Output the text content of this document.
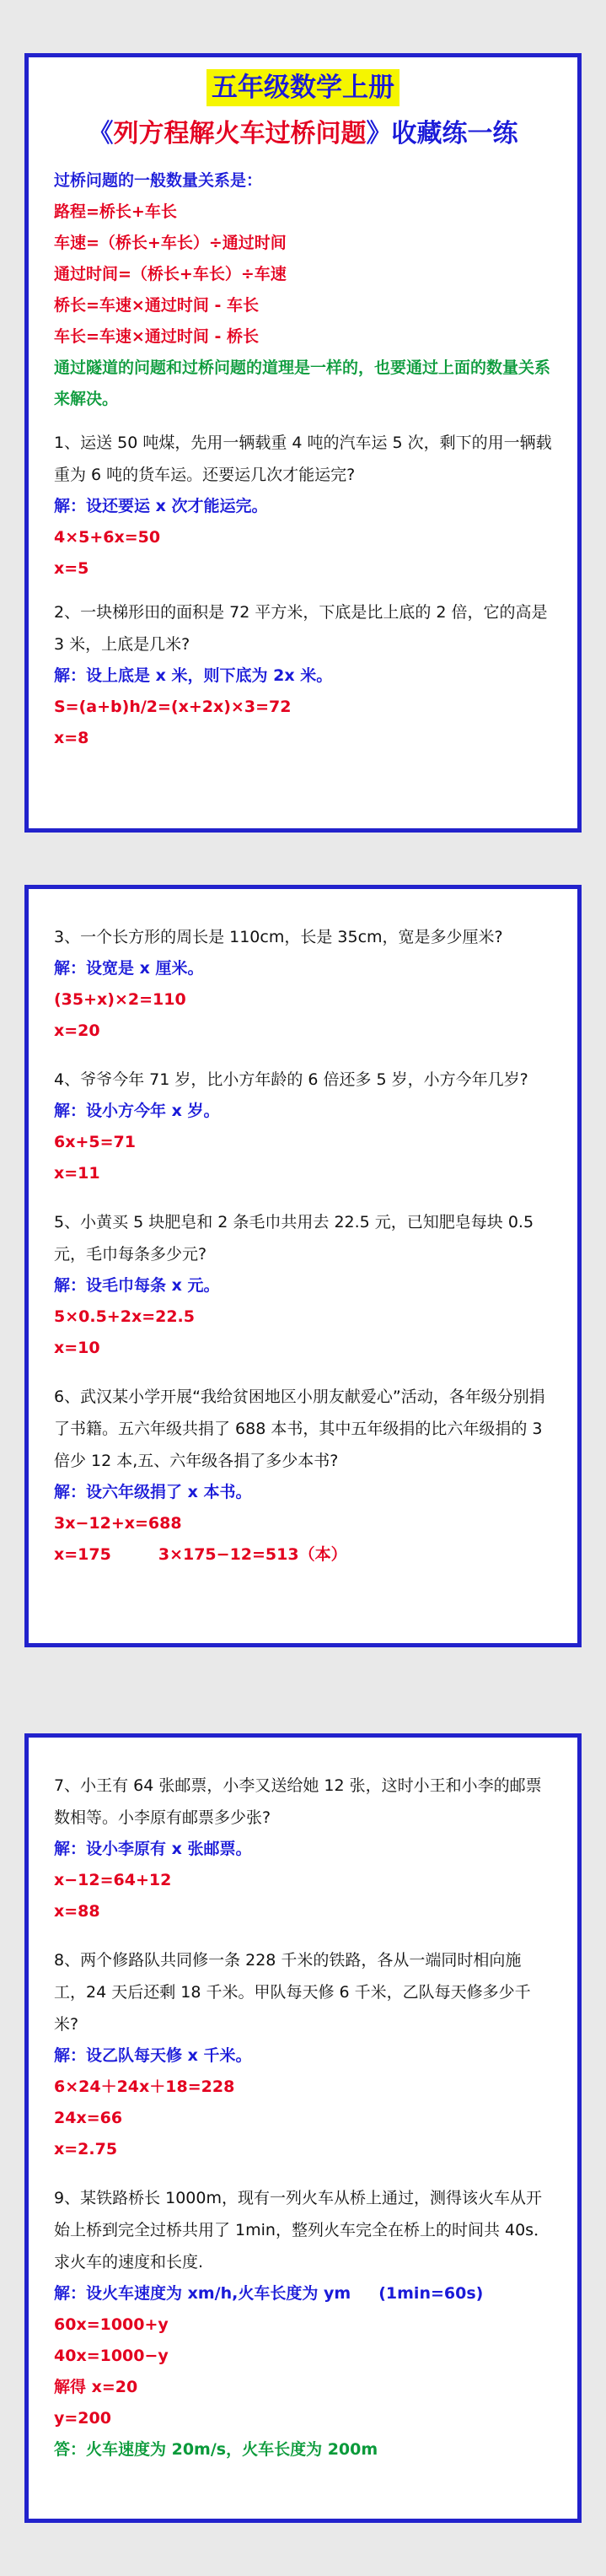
五年级数学上册
《列方程解火车过桥问题》收藏练一练
过桥问题的一般数量关系是：
路程=桥长+车长
车速=（桥长+车长）÷通过时间
通过时间=（桥长+车长）÷车速
桥长=车速×通过时间 - 车长
车长=车速×通过时间 - 桥长
通过隧道的问题和过桥问题的道理是一样的，也要通过上面的数量关系来解决。
1、运送 50 吨煤，先用一辆载重 4 吨的汽车运 5 次，剩下的用一辆载重为 6 吨的货车运。还要运几次才能运完?
解：设还要运 x 次才能运完。
4×5+6x=50
x=5
2、一块梯形田的面积是 72 平方米，下底是比上底的 2 倍，它的高是 3 米，上底是几米?
解：设上底是 x 米，则下底为 2x 米。
S=(a+b)h/2=(x+2x)×3=72
x=8
3、一个长方形的周长是 110cm，长是 35cm，宽是多少厘米?
解：设宽是 x 厘米。
(35+x)×2=110
x=20
4、爷爷今年 71 岁，比小方年龄的 6 倍还多 5 岁，小方今年几岁?
解：设小方今年 x 岁。
6x+5=71
x=11
5、小黄买 5 块肥皂和 2 条毛巾共用去 22.5 元，已知肥皂每块 0.5 元，毛巾每条多少元?
解：设毛巾每条 x 元。
5×0.5+2x=22.5
x=10
6、武汉某小学开展“我给贫困地区小朋友献爱心”活动，各年级分别捐了书籍。五六年级共捐了 688 本书，其中五年级捐的比六年级捐的 3 倍少 12 本,五、六年级各捐了多少本书?
解：设六年级捐了 x 本书。
3x−12+x=688
x=175	3×175−12=513（本）
7、小王有 64 张邮票，小李又送给她 12 张，这时小王和小李的邮票数相等。小李原有邮票多少张?
解：设小李原有 x 张邮票。
x−12=64+12
x=88
8、两个修路队共同修一条 228 千米的铁路，各从一端同时相向施工，24 天后还剩 18 千米。甲队每天修 6 千米，乙队每天修多少千米?
解：设乙队每天修 x 千米。
6×24＋24x＋18=228
24x=66
x=2.75
9、某铁路桥长 1000m，现有一列火车从桥上通过，测得该火车从开始上桥到完全过桥共用了 1min，整列火车完全在桥上的时间共 40s．求火车的速度和长度.
解：设火车速度为 xm/h,火车长度为 ym     (1min=60s)
60x=1000+y
40x=1000−y
解得 x=20
y=200
答：火车速度为 20m/s，火车长度为 200m
